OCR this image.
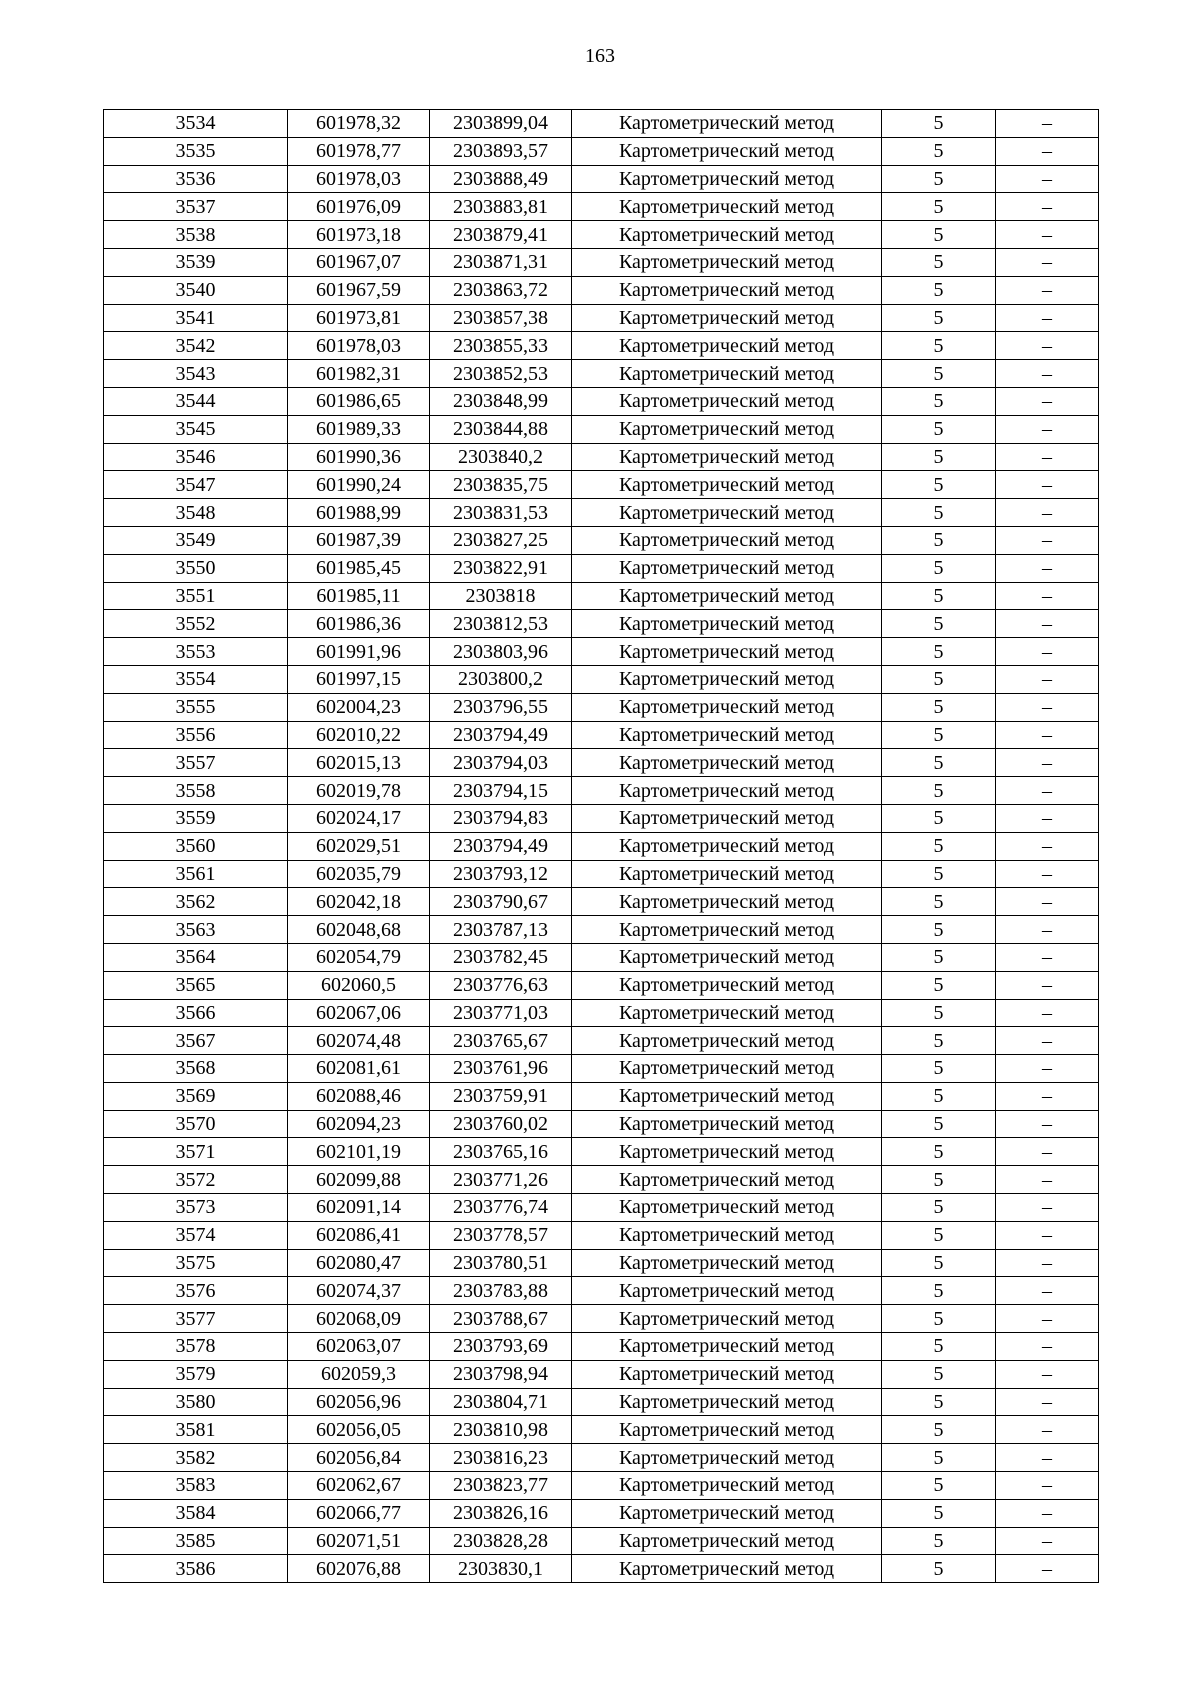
163
3534	601978,32	2303899,04	Картометрический метод	5	–
3535	601978,77	2303893,57	Картометрический метод	5	–
3536	601978,03	2303888,49	Картометрический метод	5	–
3537	601976,09	2303883,81	Картометрический метод	5	–
3538	601973,18	2303879,41	Картометрический метод	5	–
3539	601967,07	2303871,31	Картометрический метод	5	–
3540	601967,59	2303863,72	Картометрический метод	5	–
3541	601973,81	2303857,38	Картометрический метод	5	–
3542	601978,03	2303855,33	Картометрический метод	5	–
3543	601982,31	2303852,53	Картометрический метод	5	–
3544	601986,65	2303848,99	Картометрический метод	5	–
3545	601989,33	2303844,88	Картометрический метод	5	–
3546	601990,36	2303840,2	Картометрический метод	5	–
3547	601990,24	2303835,75	Картометрический метод	5	–
3548	601988,99	2303831,53	Картометрический метод	5	–
3549	601987,39	2303827,25	Картометрический метод	5	–
3550	601985,45	2303822,91	Картометрический метод	5	–
3551	601985,11	2303818	Картометрический метод	5	–
3552	601986,36	2303812,53	Картометрический метод	5	–
3553	601991,96	2303803,96	Картометрический метод	5	–
3554	601997,15	2303800,2	Картометрический метод	5	–
3555	602004,23	2303796,55	Картометрический метод	5	–
3556	602010,22	2303794,49	Картометрический метод	5	–
3557	602015,13	2303794,03	Картометрический метод	5	–
3558	602019,78	2303794,15	Картометрический метод	5	–
3559	602024,17	2303794,83	Картометрический метод	5	–
3560	602029,51	2303794,49	Картометрический метод	5	–
3561	602035,79	2303793,12	Картометрический метод	5	–
3562	602042,18	2303790,67	Картометрический метод	5	–
3563	602048,68	2303787,13	Картометрический метод	5	–
3564	602054,79	2303782,45	Картометрический метод	5	–
3565	602060,5	2303776,63	Картометрический метод	5	–
3566	602067,06	2303771,03	Картометрический метод	5	–
3567	602074,48	2303765,67	Картометрический метод	5	–
3568	602081,61	2303761,96	Картометрический метод	5	–
3569	602088,46	2303759,91	Картометрический метод	5	–
3570	602094,23	2303760,02	Картометрический метод	5	–
3571	602101,19	2303765,16	Картометрический метод	5	–
3572	602099,88	2303771,26	Картометрический метод	5	–
3573	602091,14	2303776,74	Картометрический метод	5	–
3574	602086,41	2303778,57	Картометрический метод	5	–
3575	602080,47	2303780,51	Картометрический метод	5	–
3576	602074,37	2303783,88	Картометрический метод	5	–
3577	602068,09	2303788,67	Картометрический метод	5	–
3578	602063,07	2303793,69	Картометрический метод	5	–
3579	602059,3	2303798,94	Картометрический метод	5	–
3580	602056,96	2303804,71	Картометрический метод	5	–
3581	602056,05	2303810,98	Картометрический метод	5	–
3582	602056,84	2303816,23	Картометрический метод	5	–
3583	602062,67	2303823,77	Картометрический метод	5	–
3584	602066,77	2303826,16	Картометрический метод	5	–
3585	602071,51	2303828,28	Картометрический метод	5	–
3586	602076,88	2303830,1	Картометрический метод	5	–
